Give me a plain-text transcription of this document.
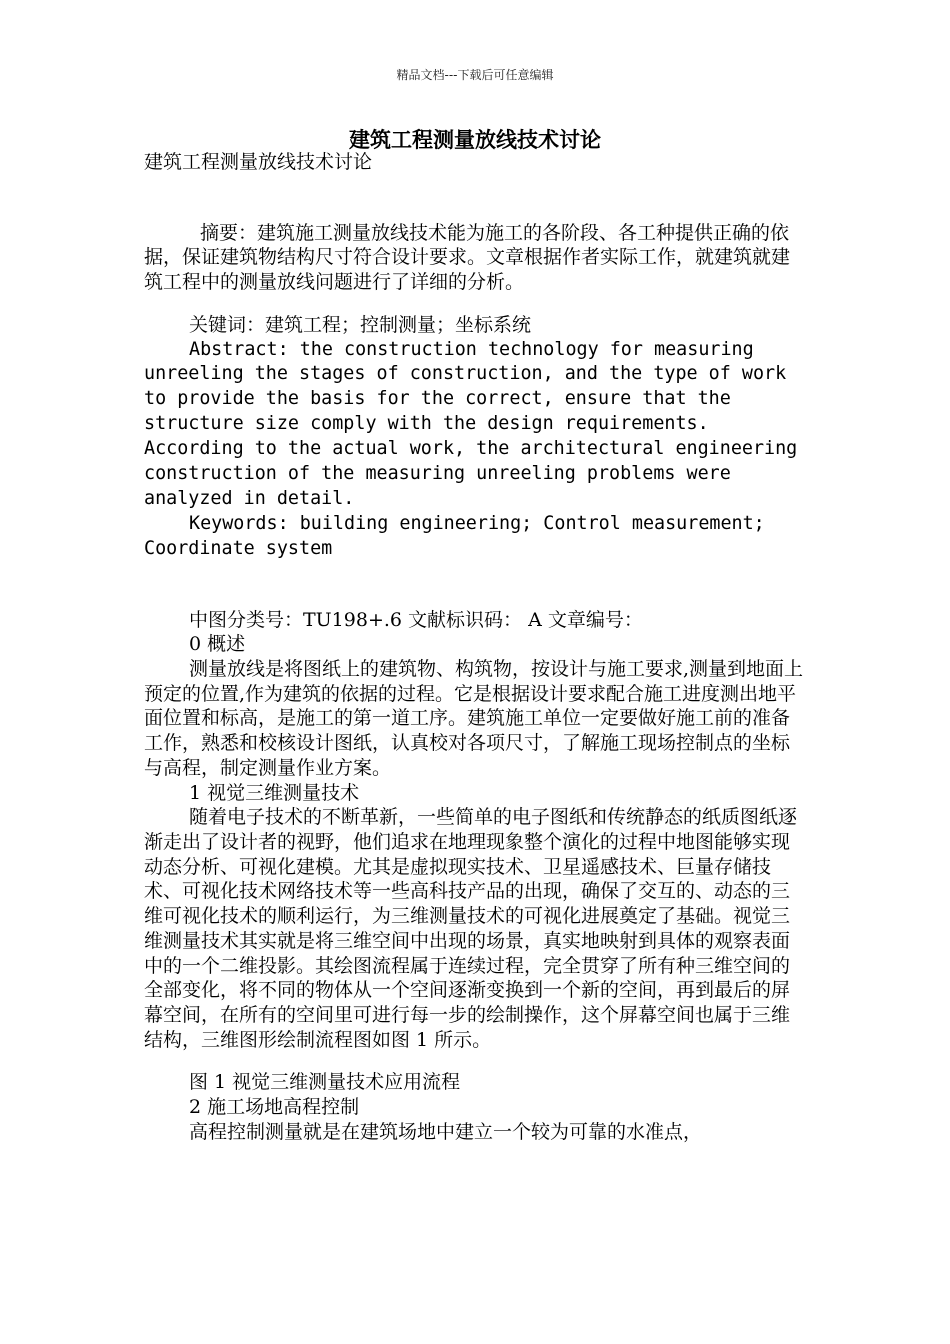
精品文档---下载后可任意编辑
建筑工程测量放线技术讨论

建筑工程测量放线技术讨论

摘要：建筑施工测量放线技术能为施工的各阶段、各工种提供正确的依据，保证建筑物结构尺寸符合设计要求。文章根据作者实际工作，就建筑就建筑工程中的测量放线问题进行了详细的分析。

关键词：建筑工程；控制测量；坐标系统

Abstract: the construction technology for measuring unreeling the stages of construction, and the type of work to provide the basis for the correct, ensure that the structure size comply with the design requirements. According to the actual work, the architectural engineering construction of the measuring unreeling problems were analyzed in detail.

Keywords: building engineering; Control measurement; Coordinate system

中图分类号：TU198+.6 文献标识码： A 文章编号：

0 概述

测量放线是将图纸上的建筑物、构筑物，按设计与施工要求,测量到地面上预定的位置,作为建筑的依据的过程。它是根据设计要求配合施工进度测出地平面位置和标高，是施工的第一道工序。建筑施工单位一定要做好施工前的准备工作，熟悉和校核设计图纸，认真校对各项尺寸，了解施工现场控制点的坐标与高程，制定测量作业方案。

1 视觉三维测量技术

随着电子技术的不断革新，一些简单的电子图纸和传统静态的纸质图纸逐渐走出了设计者的视野，他们追求在地理现象整个演化的过程中地图能够实现动态分析、可视化建模。尤其是虚拟现实技术、卫星遥感技术、巨量存储技术、可视化技术网络技术等一些高科技产品的出现，确保了交互的、动态的三维可视化技术的顺利运行，为三维测量技术的可视化进展奠定了基础。视觉三维测量技术其实就是将三维空间中出现的场景，真实地映射到具体的观察表面中的一个二维投影。其绘图流程属于连续过程，完全贯穿了所有种三维空间的全部变化，将不同的物体从一个空间逐渐变换到一个新的空间，再到最后的屏幕空间，在所有的空间里可进行每一步的绘制操作，这个屏幕空间也属于三维结构，三维图形绘制流程图如图 1 所示。

图 1 视觉三维测量技术应用流程

2 施工场地高程控制

高程控制测量就是在建筑场地中建立一个较为可靠的水准点，
